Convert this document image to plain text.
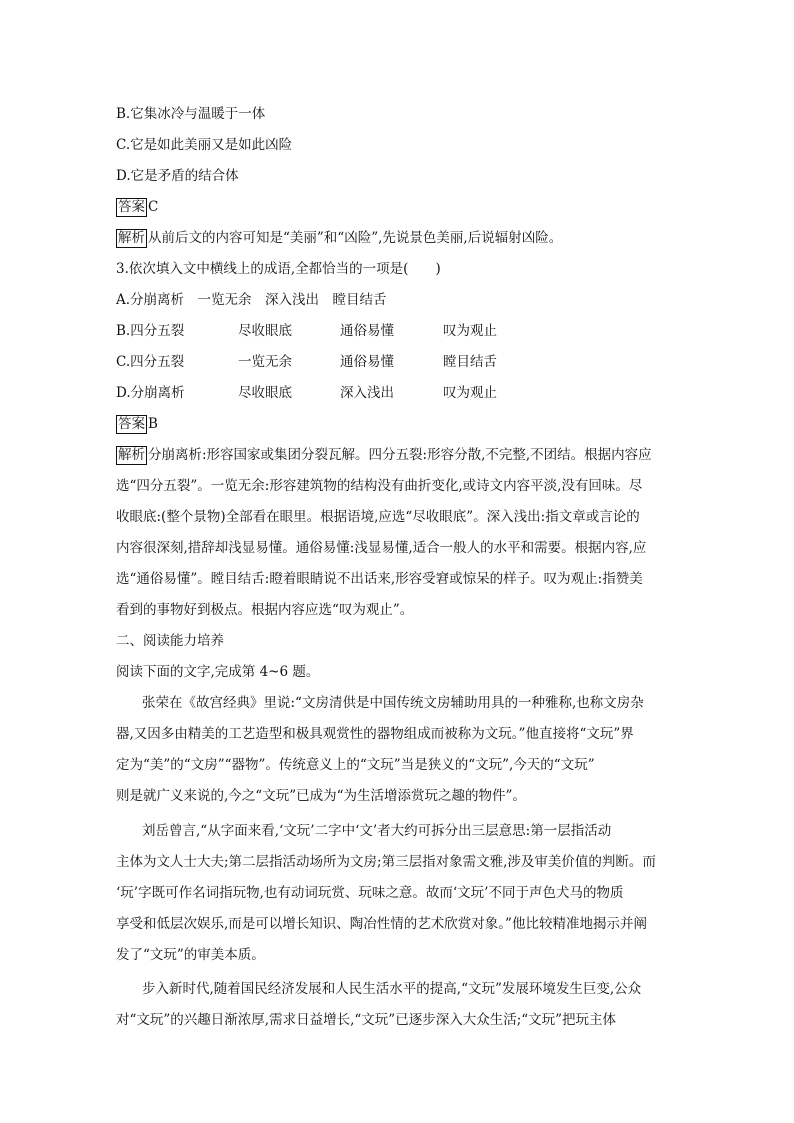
B.它集冰冷与温暖于一体
C.它是如此美丽又是如此凶险
D.它是矛盾的结合体
答案 C
解析 从前后文的内容可知是“美丽”和“凶险”,先说景色美丽,后说辐射凶险。
3.依次填入文中横线上的成语,全都恰当的一项是(　　)
A.分崩离析　一览无余　深入浅出　瞠目结舌
B.四分五裂	尽收眼底	通俗易懂	叹为观止
C.四分五裂	一览无余	通俗易懂	瞠目结舌
D.分崩离析	尽收眼底	深入浅出	叹为观止
答案 B
解析 分崩离析:形容国家或集团分裂瓦解。四分五裂:形容分散,不完整,不团结。根据内容应
选“四分五裂”。一览无余:形容建筑物的结构没有曲折变化,或诗文内容平淡,没有回味。尽
收眼底:(整个景物)全部看在眼里。根据语境,应选“尽收眼底”。深入浅出:指文章或言论的
内容很深刻,措辞却浅显易懂。通俗易懂:浅显易懂,适合一般人的水平和需要。根据内容,应
选“通俗易懂”。瞠目结舌:瞪着眼睛说不出话来,形容受窘或惊呆的样子。叹为观止:指赞美
看到的事物好到极点。根据内容应选“叹为观止”。
二、阅读能力培养
阅读下面的文字,完成第 4~6 题。
张荣在《故宫经典》里说:“文房清供是中国传统文房辅助用具的一种雅称,也称文房杂
器,又因多由精美的工艺造型和极具观赏性的器物组成而被称为文玩。”他直接将“文玩”界
定为“美”的“文房”“器物”。传统意义上的“文玩”当是狭义的“文玩”,今天的“文玩”
则是就广义来说的,今之“文玩”已成为“为生活增添赏玩之趣的物件”。
刘岳曾言,“从字面来看,‘文玩’二字中‘文’者大约可拆分出三层意思:第一层指活动
主体为文人士大夫;第二层指活动场所为文房;第三层指对象需文雅,涉及审美价值的判断。而
‘玩’字既可作名词指玩物,也有动词玩赏、玩味之意。故而‘文玩’不同于声色犬马的物质
享受和低层次娱乐,而是可以增长知识、陶冶性情的艺术欣赏对象。”他比较精准地揭示并阐
发了“文玩”的审美本质。
步入新时代,随着国民经济发展和人民生活水平的提高,“文玩”发展环境发生巨变,公众
对“文玩”的兴趣日渐浓厚,需求日益增长,“文玩”已逐步深入大众生活;“文玩”把玩主体
